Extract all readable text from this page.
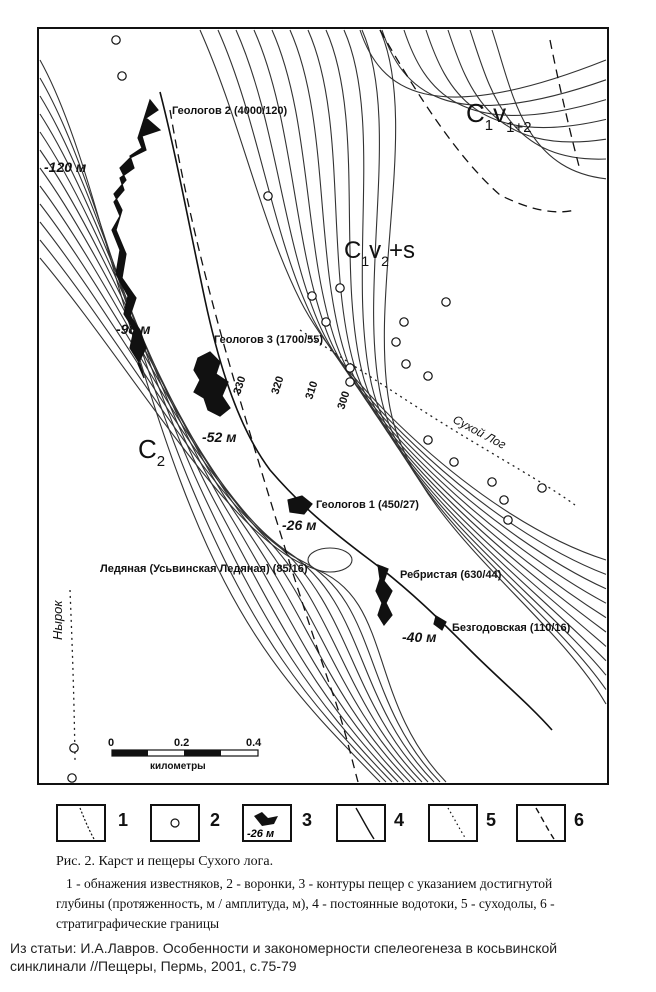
330 320 310 300
Геологов 2 (4000/120)
Геологов 3 (1700/55)
Геологов 1 (450/27)
Ледяная (Усьвинская Ледяная) (85/16)	Ребристая (630/44)
Безгодовская (110/16)
-120 м
-98 м
-52 м
-26 м
-40 м
$C_1v_{1+2}$
$C_1v_2+s$
$C_2$
Сухой Лог
Нырок
0	0.2	0.4
километры
1	2
-26 м
3	4	5	6
Рис. 2. Карст и пещеры Сухого лога.
1 - обнажения известняков, 2 - воронки, 3 - контуры пещер с указанием достигнутой
глубины (протяженность, м / амплитуда, м), 4 - постоянные водотоки, 5 - суходолы, 6 -
стратиграфические границы
Из статьи: И.А.Лавров. Особенности и закономерности спелеогенеза в косьвинской
синклинали //Пещеры, Пермь, 2001, с.75-79
